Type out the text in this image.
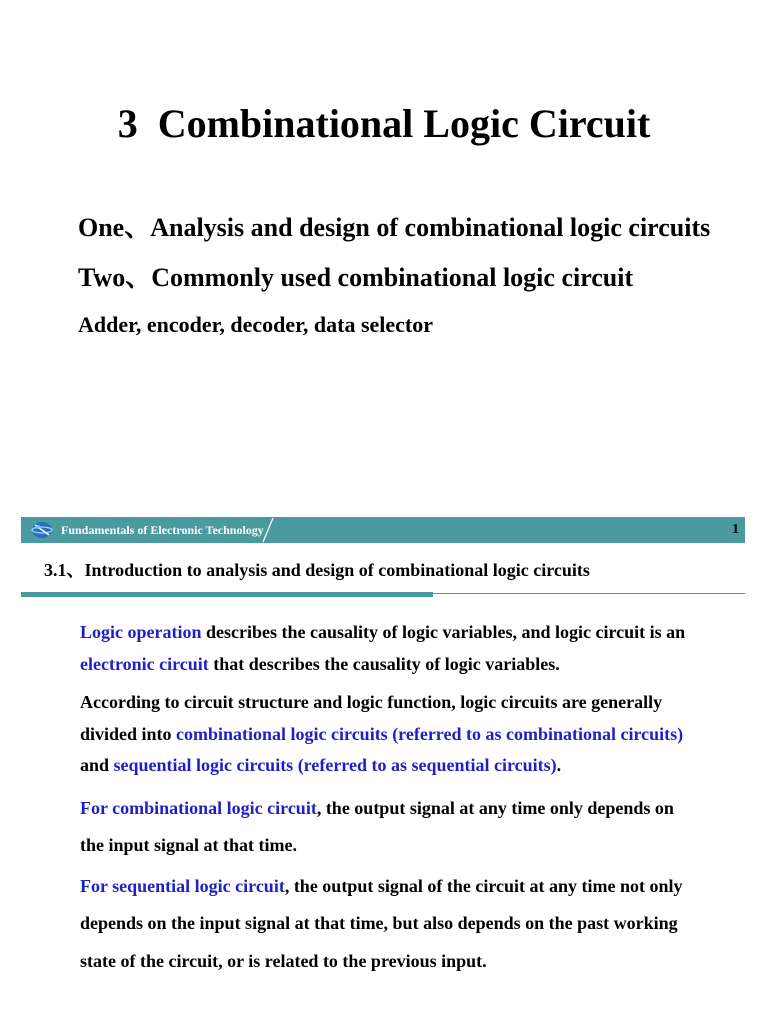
3 Combinational Logic Circuit
One、Analysis and design of combinational logic circuits
Two、Commonly used combinational logic circuit
Adder, encoder, decoder, data selector
Fundamentals of Electronic Technology	1
3.1、Introduction to analysis and design of combinational logic circuits

Logic operation describes the causality of logic variables, and logic circuit is an electronic circuit that describes the causality of logic variables.

According to circuit structure and logic function, logic circuits are generally divided into combinational logic circuits (referred to as combinational circuits) and sequential logic circuits (referred to as sequential circuits).

For combinational logic circuit, the output signal at any time only depends on the input signal at that time.

For sequential logic circuit, the output signal of the circuit at any time not only depends on the input signal at that time, but also depends on the past working state of the circuit, or is related to the previous input.
